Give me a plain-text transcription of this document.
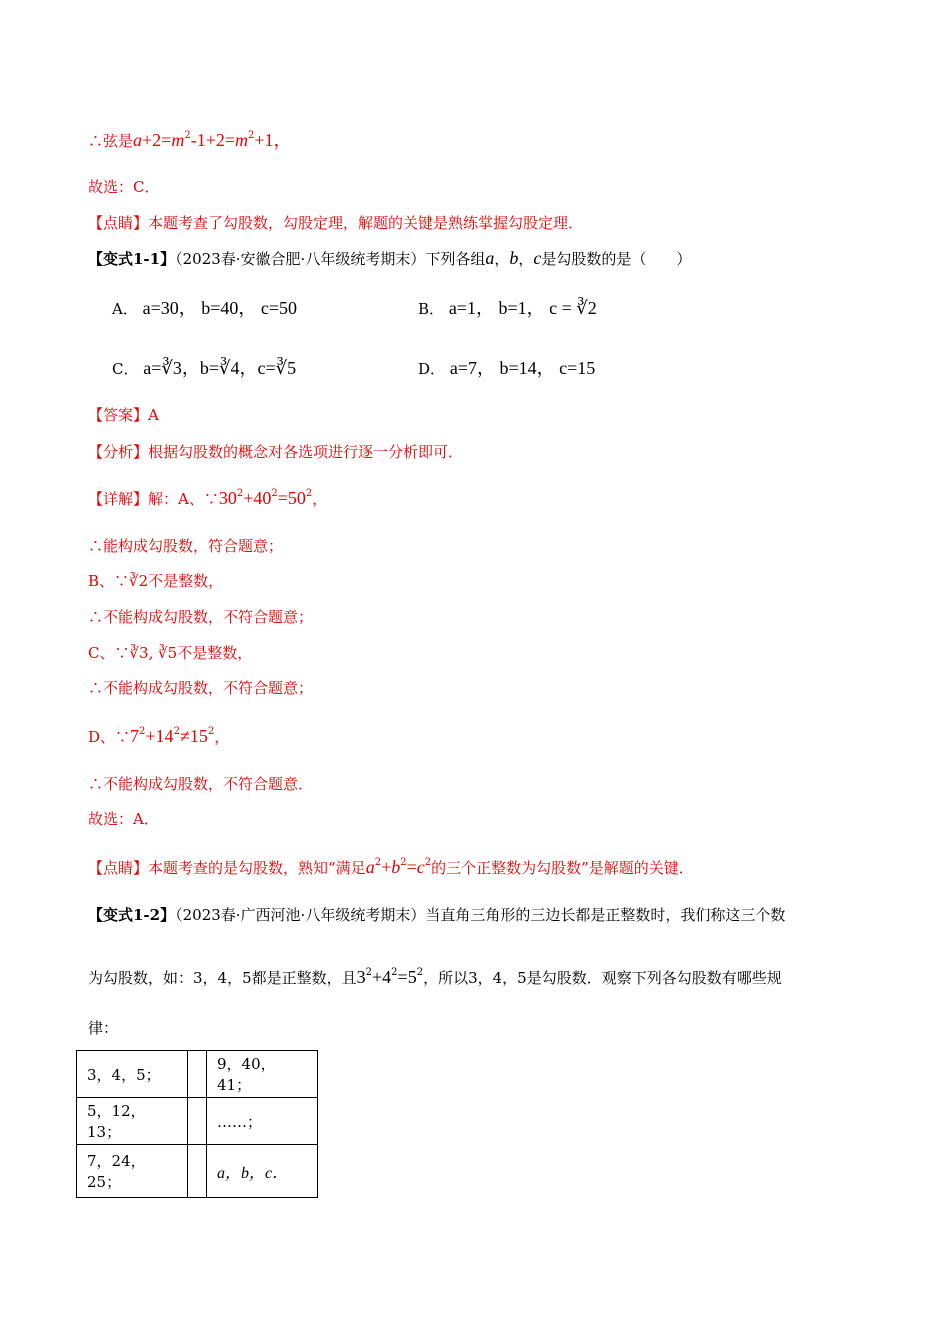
∴弦是$a+2=m^2-1+2=m^2+1$，
故选：C．
【点睛】本题考查了勾股数，勾股定理，解题的关键是熟练掌握勾股定理．
【变式1-1】（2023春·安徽合肥·八年级统考期末）下列各组a，b，c是勾股数的是（　　）
A． a=30， b=40， c=50	B． a=1， b=1， c = ∛2
C． a=∛3，b=∛4，c=∛5	D． a=7， b=14， c=15
【答案】A
【分析】根据勾股数的概念对各选项进行逐一分析即可．
【详解】解：A、$\because 30^2+40^2=50^2$，
∴能构成勾股数，符合题意；
B、∵∛2不是整数，
∴不能构成勾股数，不符合题意；
C、∵∛3, ∛5不是整数，
∴不能构成勾股数，不符合题意；
D、$\because 7^2+14^2\ne 15^2$，
∴不能构成勾股数，不符合题意．
故选：A．
【点睛】本题考查的是勾股数，熟知“满足$a^2+b^2=c^2$的三个正整数为勾股数”是解题的关键．
【变式1-2】（2023春·广西河池·八年级统考期末）当直角三角形的三边长都是正整数时，我们称这三个数
为勾股数，如：3，4，5都是正整数，且$3^2+4^2=5^2$，所以3，4，5是勾股数．观察下列各勾股数有哪些规
律：
3，4，5；		9，40，41；
5，12，13；		……；
7，24，25；		a，b，c．
